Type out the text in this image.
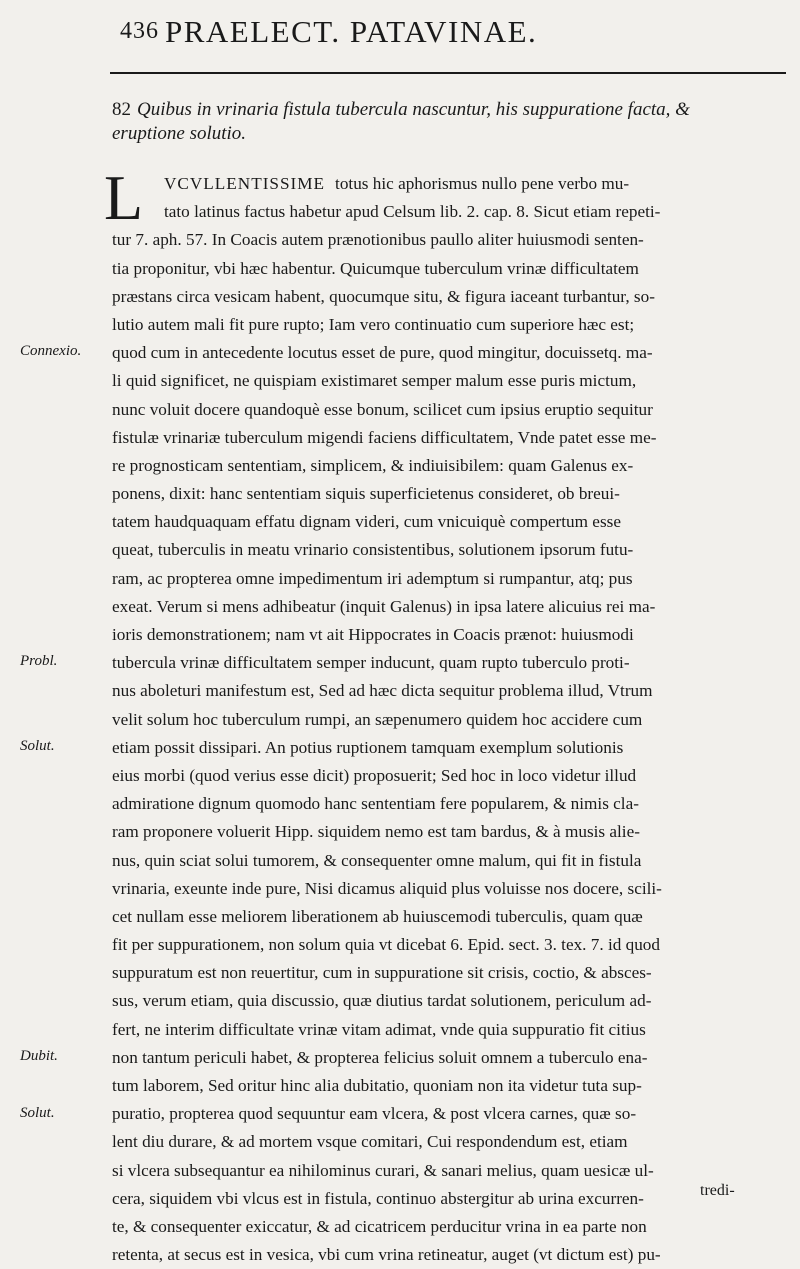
436 PRAELECT. PATAVINAE.
82 Quibus in vrinaria fistula tubercula nascuntur, his suppuratione facta, & eruptione solutio.
L	VCVLLENTISSIME totus hic aphorismus nullo pene verbo mu-
tato latinus factus habetur apud Celsum lib. 2. cap. 8. Sicut etiam repeti-
tur 7. aph. 57. In Coacis autem prænotionibus paullo aliter huiusmodi senten-
tia proponitur, vbi hæc habentur. Quicumque tuberculum vrinæ difficultatem
præstans circa vesicam habent, quocumque situ, & figura iaceant turbantur, so-
lutio autem mali fit pure rupto; Iam vero continuatio cum superiore hæc est;
quod cum in antecedente locutus esset de pure, quod mingitur, docuissetq. ma-
li quid significet, ne quispiam existimaret semper malum esse puris mictum,
nunc voluit docere quandoquè esse bonum, scilicet cum ipsius eruptio sequitur
fistulæ vrinariæ tuberculum migendi faciens difficultatem, Vnde patet esse me-
re prognosticam sententiam, simplicem, & indiuisibilem: quam Galenus ex-
ponens, dixit: hanc sententiam siquis superficietenus consideret, ob breui-
tatem haudquaquam effatu dignam videri, cum vnicuiquè compertum esse
queat, tuberculis in meatu vrinario consistentibus, solutionem ipsorum futu-
ram, ac propterea omne impedimentum iri ademptum si rumpantur, atq; pus
exeat. Verum si mens adhibeatur (inquit Galenus) in ipsa latere alicuius rei ma-
ioris demonstrationem; nam vt ait Hippocrates in Coacis prænot: huiusmodi
tubercula vrinæ difficultatem semper inducunt, quam rupto tuberculo proti-
nus aboleturi manifestum est, Sed ad hæc dicta sequitur problema illud, Vtrum
velit solum hoc tuberculum rumpi, an sæpenumero quidem hoc accidere cum
etiam possit dissipari. An potius ruptionem tamquam exemplum solutionis
eius morbi (quod verius esse dicit) proposuerit; Sed hoc in loco videtur illud
admiratione dignum quomodo hanc sententiam fere popularem, & nimis cla-
ram proponere voluerit Hipp. siquidem nemo est tam bardus, & à musis alie-
nus, quin sciat solui tumorem, & consequenter omne malum, qui fit in fistula
vrinaria, exeunte inde pure, Nisi dicamus aliquid plus voluisse nos docere, scili-
cet nullam esse meliorem liberationem ab huiuscemodi tuberculis, quam quæ
fit per suppurationem, non solum quia vt dicebat 6. Epid. sect. 3. tex. 7. id quod
suppuratum est non reuertitur, cum in suppuratione sit crisis, coctio, & absces-
sus, verum etiam, quia discussio, quæ diutius tardat solutionem, periculum ad-
fert, ne interim difficultate vrinæ vitam adimat, vnde quia suppuratio fit citius
non tantum periculi habet, & propterea felicius soluit omnem a tuberculo ena-
tum laborem, Sed oritur hinc alia dubitatio, quoniam non ita videtur tuta sup-
puratio, propterea quod sequuntur eam vlcera, & post vlcera carnes, quæ so-
lent diu durare, & ad mortem vsque comitari, Cui respondendum est, etiam
si vlcera subsequantur ea nihilominus curari, & sanari melius, quam uesicæ ul-
cera, siquidem vbi vlcus est in fistula, continuo abstergitur ab urina excurren-
te, & consequenter exiccatur, & ad cicatricem perducitur vrina in ea parte non
retenta, at secus est in vesica, vbi cum vrina retineatur, auget (vt dictum est) pu-
Connexio.
Probl.
Solut.
Dubit.
Solut.
tredi-
